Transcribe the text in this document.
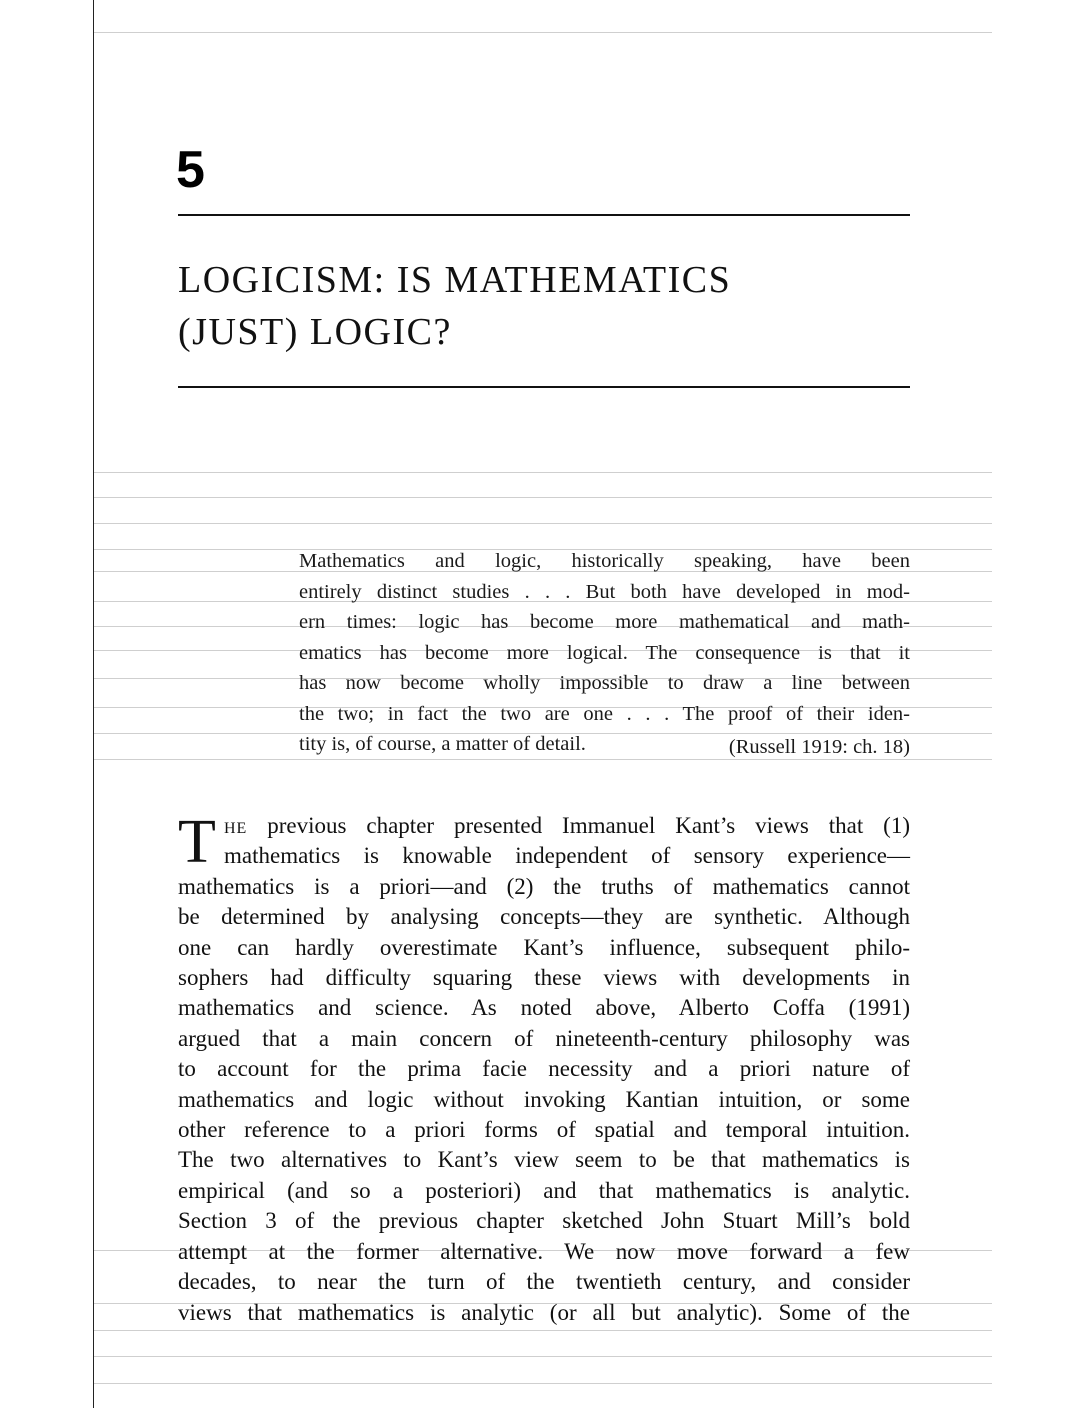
5
LOGICISM: IS MATHEMATICS
(JUST) LOGIC?
Mathematics and logic, historically speaking, have been
entirely distinct studies . . . But both have developed in mod-
ern times: logic has become more mathematical and math-
ematics has become more logical. The consequence is that it
has now become wholly impossible to draw a line between
the two; in fact the two are one . . . The proof of their iden-
tity is, of course, a matter of detail.	(Russell 1919: ch. 18)
T he previous chapter presented Immanuel Kant’s views that (1)
mathematics is knowable independent of sensory experience—
mathematics is a priori—and (2) the truths of mathematics cannot
be determined by analysing concepts—they are synthetic. Although
one can hardly overestimate Kant’s influence, subsequent philo-
sophers had difficulty squaring these views with developments in
mathematics and science. As noted above, Alberto Coffa (1991)
argued that a main concern of nineteenth-century philosophy was
to account for the prima facie necessity and a priori nature of
mathematics and logic without invoking Kantian intuition, or some
other reference to a priori forms of spatial and temporal intuition.
The two alternatives to Kant’s view seem to be that mathematics is
empirical (and so a posteriori) and that mathematics is analytic.
Section 3 of the previous chapter sketched John Stuart Mill’s bold
attempt at the former alternative. We now move forward a few
decades, to near the turn of the twentieth century, and consider
views that mathematics is analytic (or all but analytic). Some of the
